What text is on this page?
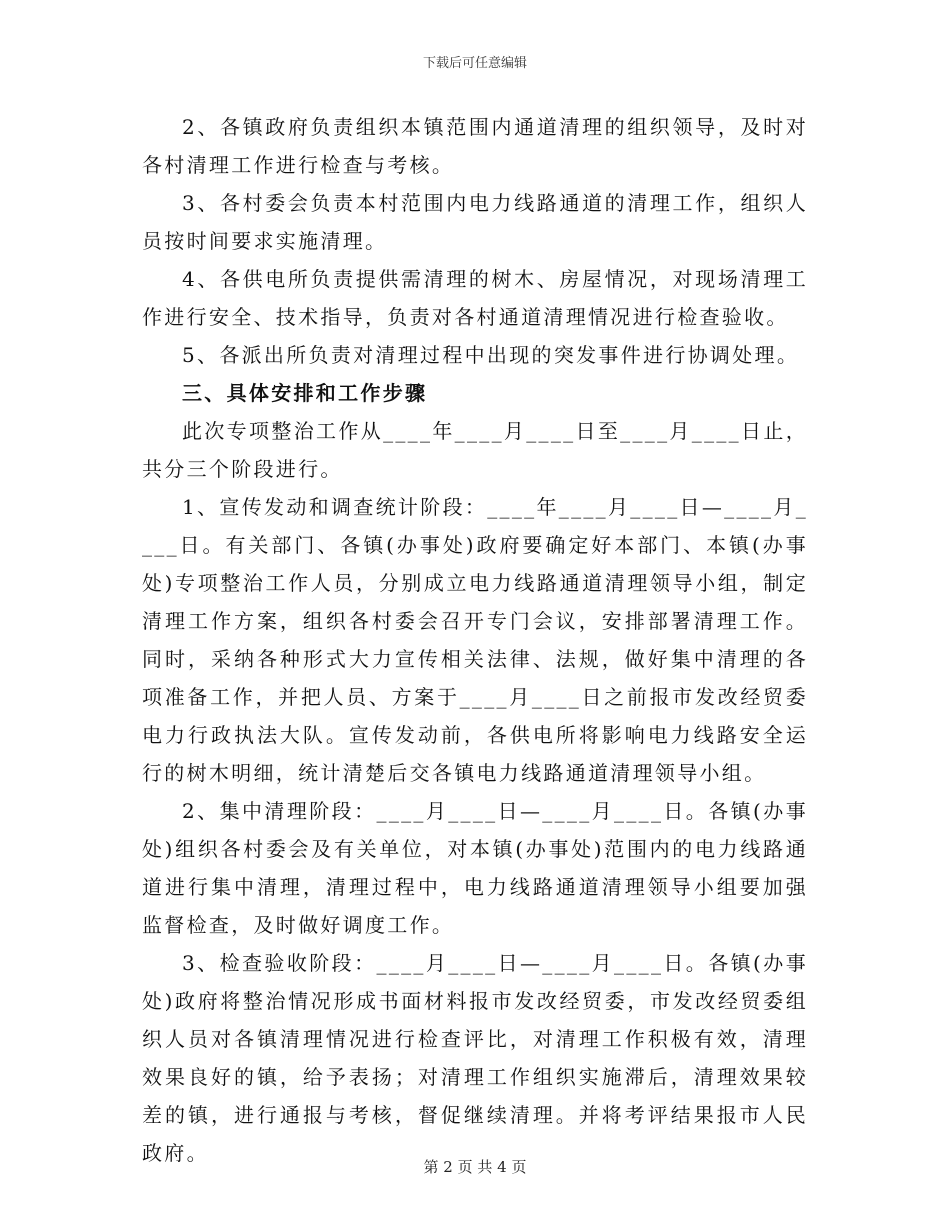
下载后可任意编辑

2、各镇政府负责组织本镇范围内通道清理的组织领导，及时对各村清理工作进行检查与考核。

3、各村委会负责本村范围内电力线路通道的清理工作，组织人员按时间要求实施清理。

4、各供电所负责提供需清理的树木、房屋情况，对现场清理工作进行安全、技术指导，负责对各村通道清理情况进行检查验收。

5、各派出所负责对清理过程中出现的突发事件进行协调处理。

三、具体安排和工作步骤

此次专项整治工作从____年____月____日至____月____日止，共分三个阶段进行。

1、宣传发动和调查统计阶段：____年____月____日—____月____日。有关部门、各镇(办事处)政府要确定好本部门、本镇(办事处)专项整治工作人员，分别成立电力线路通道清理领导小组，制定清理工作方案，组织各村委会召开专门会议，安排部署清理工作。同时，采纳各种形式大力宣传相关法律、法规，做好集中清理的各项准备工作，并把人员、方案于____月____日之前报市发改经贸委电力行政执法大队。宣传发动前，各供电所将影响电力线路安全运行的树木明细，统计清楚后交各镇电力线路通道清理领导小组。

2、集中清理阶段：____月____日—____月____日。各镇(办事处)组织各村委会及有关单位，对本镇(办事处)范围内的电力线路通道进行集中清理，清理过程中，电力线路通道清理领导小组要加强监督检查，及时做好调度工作。

3、检查验收阶段：____月____日—____月____日。各镇(办事处)政府将整治情况形成书面材料报市发改经贸委，市发改经贸委组织人员对各镇清理情况进行检查评比，对清理工作积极有效，清理效果良好的镇，给予表扬；对清理工作组织实施滞后，清理效果较差的镇，进行通报与考核，督促继续清理。并将考评结果报市人民政府。

第 2 页 共 4 页
